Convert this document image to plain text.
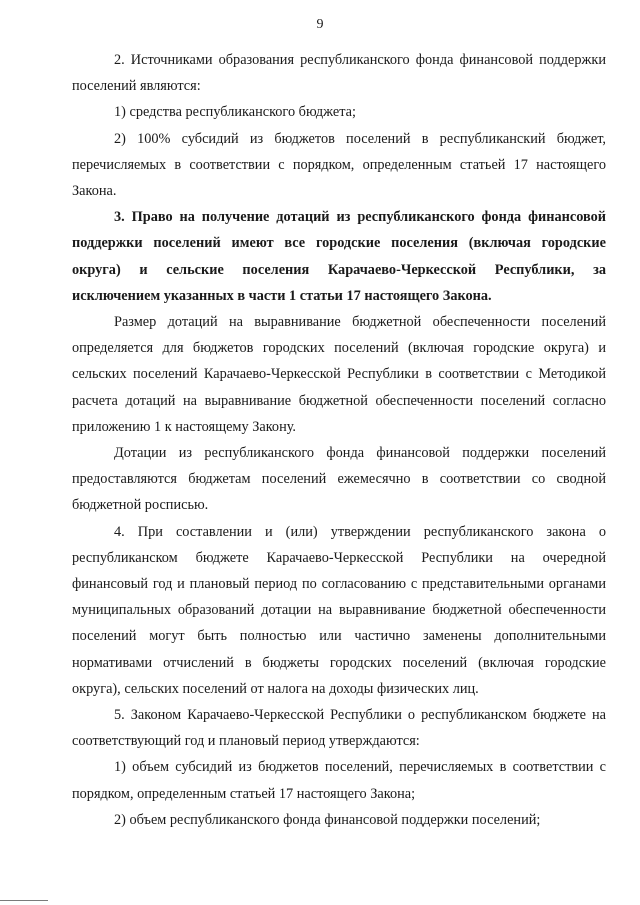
9

2. Источниками образования республиканского фонда финансовой поддержки поселений являются:

1) средства республиканского бюджета;

2) 100% субсидий из бюджетов поселений в республиканский бюджет, перечисляемых в соответствии с порядком, определенным статьей 17 настоящего Закона.

3. Право на получение дотаций из республиканского фонда финансовой поддержки поселений имеют все городские поселения (включая городские округа) и сельские поселения Карачаево-Черкесской Республики, за исключением указанных в части 1 статьи 17 настоящего Закона.

Размер дотаций на выравнивание бюджетной обеспеченности поселений определяется для бюджетов городских поселений (включая городские округа) и сельских поселений Карачаево-Черкесской Республики в соответствии с Методикой расчета дотаций на выравнивание бюджетной обеспеченности поселений согласно приложению 1 к настоящему Закону.

Дотации из республиканского фонда финансовой поддержки поселений предоставляются бюджетам поселений ежемесячно в соответствии со сводной бюджетной росписью.

4. При составлении и (или) утверждении республиканского закона о республиканском бюджете Карачаево-Черкесской Республики на очередной финансовый год и плановый период по согласованию с представительными органами муниципальных образований дотации на выравнивание бюджетной обеспеченности поселений могут быть полностью или частично заменены дополнительными нормативами отчислений в бюджеты городских поселений (включая городские округа), сельских поселений от налога на доходы физических лиц.

5. Законом Карачаево-Черкесской Республики о республиканском бюджете на соответствующий год и плановый период утверждаются:

1) объем субсидий из бюджетов поселений, перечисляемых в соответствии с порядком, определенным статьей 17 настоящего Закона;

2) объем республиканского фонда финансовой поддержки поселений;
